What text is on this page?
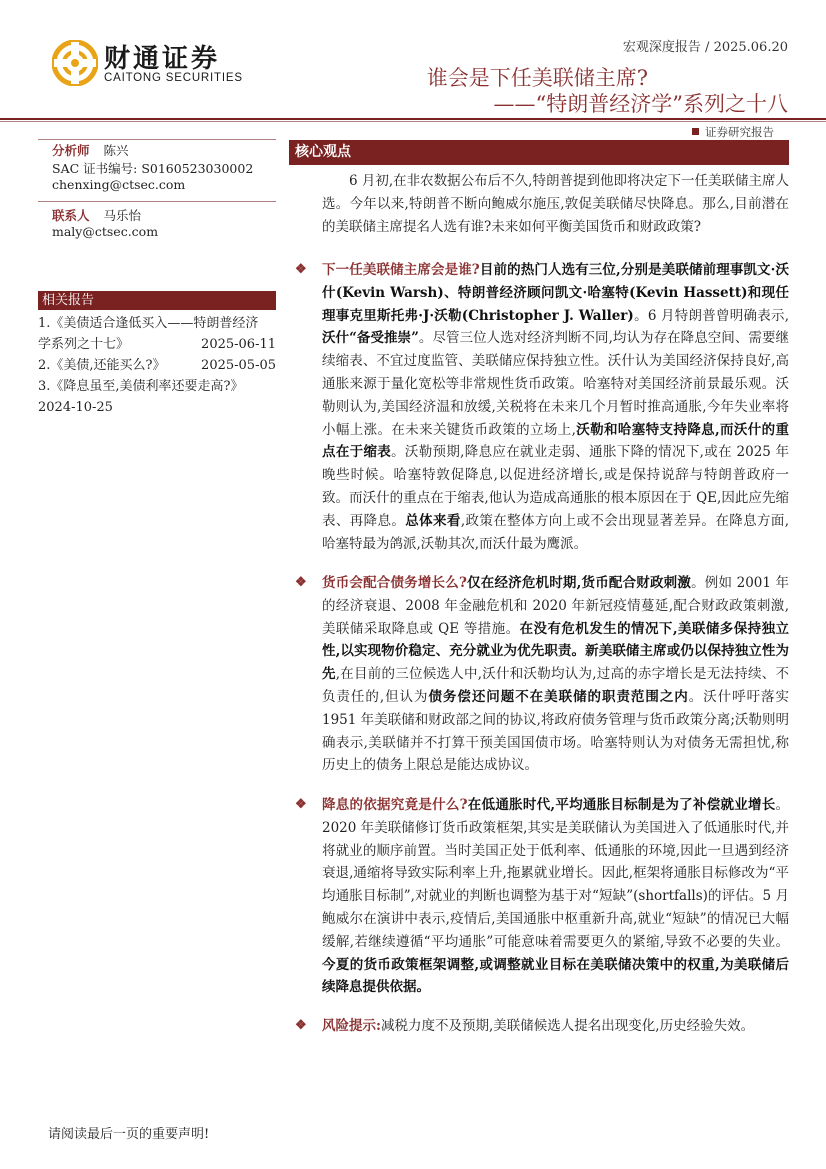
财通证券
CAITONG SECURITIES
宏观深度报告 / 2025.06.20
谁会是下任美联储主席?
——“特朗普经济学”系列之十八
证券研究报告
分析师 陈兴
SAC 证书编号: S0160523030002
chenxing@ctsec.com
联系人 马乐怡
maly@ctsec.com
相关报告
1.《美债适合逢低买入——特朗普经济
学系列之十七》	2025-06-11
2.《美债,还能买么?》	2025-05-05
3.《降息虽至,美债利率还要走高?》
2024-10-25
核心观点
6 月初,在非农数据公布后不久,特朗普提到他即将决定下一任美联储主席人选。今年以来,特朗普不断向鲍威尔施压,敦促美联储尽快降息。那么,目前潜在的美联储主席提名人选有谁?未来如何平衡美国货币和财政政策?
❖ 下一任美联储主席会是谁?目前的热门人选有三位,分别是美联储前理事凯文·沃什(Kevin Warsh)、特朗普经济顾问凯文·哈塞特(Kevin Hassett)和现任理事克里斯托弗·J·沃勒(Christopher J. Waller)。6 月特朗普曾明确表示,沃什“备受推崇”。尽管三位人选对经济判断不同,均认为存在降息空间、需要继续缩表、不宜过度监管、美联储应保持独立性。沃什认为美国经济保持良好,高通胀来源于量化宽松等非常规性货币政策。哈塞特对美国经济前景最乐观。沃勒则认为,美国经济温和放缓,关税将在未来几个月暂时推高通胀,今年失业率将小幅上涨。在未来关键货币政策的立场上,沃勒和哈塞特支持降息,而沃什的重点在于缩表。沃勒预期,降息应在就业走弱、通胀下降的情况下,或在 2025 年晚些时候。哈塞特敦促降息,以促进经济增长,或是保持说辞与特朗普政府一致。而沃什的重点在于缩表,他认为造成高通胀的根本原因在于 QE,因此应先缩表、再降息。总体来看,政策在整体方向上或不会出现显著差异。在降息方面,哈塞特最为鸽派,沃勒其次,而沃什最为鹰派。
❖ 货币会配合债务增长么?仅在经济危机时期,货币配合财政刺激。例如 2001 年的经济衰退、2008 年金融危机和 2020 年新冠疫情蔓延,配合财政政策刺激,美联储采取降息或 QE 等措施。在没有危机发生的情况下,美联储多保持独立性,以实现物价稳定、充分就业为优先职责。新美联储主席或仍以保持独立性为先,在目前的三位候选人中,沃什和沃勒均认为,过高的赤字增长是无法持续、不负责任的,但认为债务偿还问题不在美联储的职责范围之内。沃什呼吁落实 1951 年美联储和财政部之间的协议,将政府债务管理与货币政策分离;沃勒则明确表示,美联储并不打算干预美国国债市场。哈塞特则认为对债务无需担忧,称历史上的债务上限总是能达成协议。
❖ 降息的依据究竟是什么?在低通胀时代,平均通胀目标制是为了补偿就业增长。2020 年美联储修订货币政策框架,其实是美联储认为美国进入了低通胀时代,并将就业的顺序前置。当时美国正处于低利率、低通胀的环境,因此一旦遇到经济衰退,通缩将导致实际利率上升,拖累就业增长。因此,框架将通胀目标修改为“平均通胀目标制”,对就业的判断也调整为基于对“短缺”(shortfalls)的评估。5 月鲍威尔在演讲中表示,疫情后,美国通胀中枢重新升高,就业“短缺”的情况已大幅缓解,若继续遵循“平均通胀”可能意味着需要更久的紧缩,导致不必要的失业。今夏的货币政策框架调整,或调整就业目标在美联储决策中的权重,为美联储后续降息提供依据。
❖ 风险提示:减税力度不及预期,美联储候选人提名出现变化,历史经验失效。
请阅读最后一页的重要声明!
